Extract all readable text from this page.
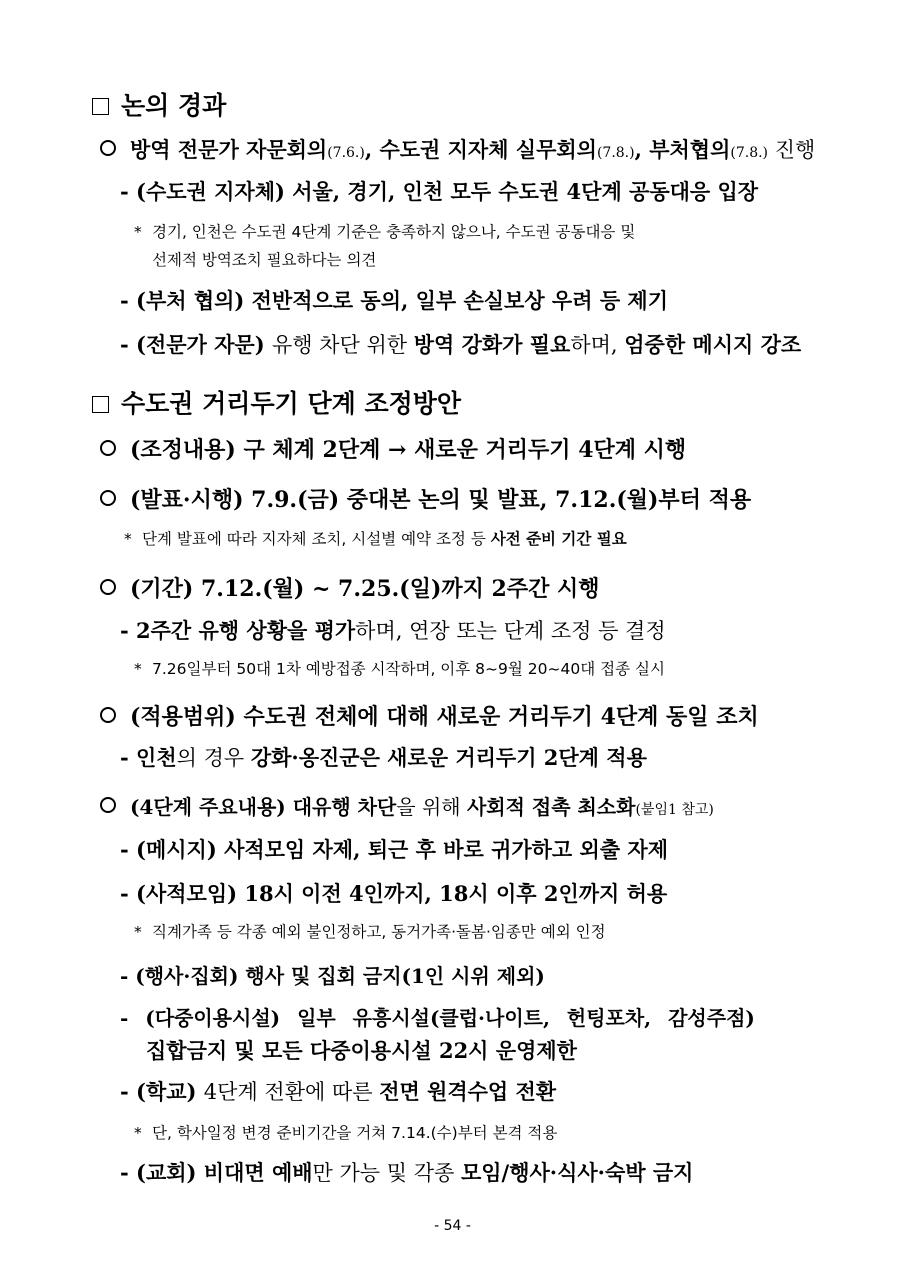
논의 경과
방역 전문가 자문회의(7.6.), 수도권 지자체 실무회의(7.8.), 부처협의(7.8.) 진행
- (수도권 지자체) 서울, 경기, 인천 모두 수도권 4단계 공동대응 입장
* 경기, 인천은 수도권 4단계 기준은 충족하지 않으나, 수도권 공동대응 및
선제적 방역조치 필요하다는 의견
- (부처 협의) 전반적으로 동의, 일부 손실보상 우려 등 제기
- (전문가 자문) 유행 차단 위한 방역 강화가 필요하며, 엄중한 메시지 강조
수도권 거리두기 단계 조정방안
(조정내용) 구 체계 2단계 → 새로운 거리두기 4단계 시행
(발표·시행) 7.9.(금) 중대본 논의 및 발표, 7.12.(월)부터 적용
* 단계 발표에 따라 지자체 조치, 시설별 예약 조정 등 사전 준비 기간 필요
(기간) 7.12.(월) ~ 7.25.(일)까지 2주간 시행
- 2주간 유행 상황을 평가하며, 연장 또는 단계 조정 등 결정
* 7.26일부터 50대 1차 예방접종 시작하며, 이후 8~9월 20~40대 접종 실시
(적용범위) 수도권 전체에 대해 새로운 거리두기 4단계 동일 조치
- 인천의 경우 강화·옹진군은 새로운 거리두기 2단계 적용
(4단계 주요내용) 대유행 차단을 위해 사회적 접촉 최소화(붙임1 참고)
- (메시지) 사적모임 자제, 퇴근 후 바로 귀가하고 외출 자제
- (사적모임) 18시 이전 4인까지, 18시 이후 2인까지 허용
* 직계가족 등 각종 예외 불인정하고, 동거가족·돌봄·임종만 예외 인정
- (행사·집회) 행사 및 집회 금지(1인 시위 제외)
- (다중이용시설) 일부 유흥시설(클럽·나이트, 헌팅포차, 감성주점)
집합금지 및 모든 다중이용시설 22시 운영제한
- (학교) 4단계 전환에 따른 전면 원격수업 전환
* 단, 학사일정 변경 준비기간을 거쳐 7.14.(수)부터 본격 적용
- (교회) 비대면 예배만 가능 및 각종 모임/행사·식사·숙박 금지
- 54 -
